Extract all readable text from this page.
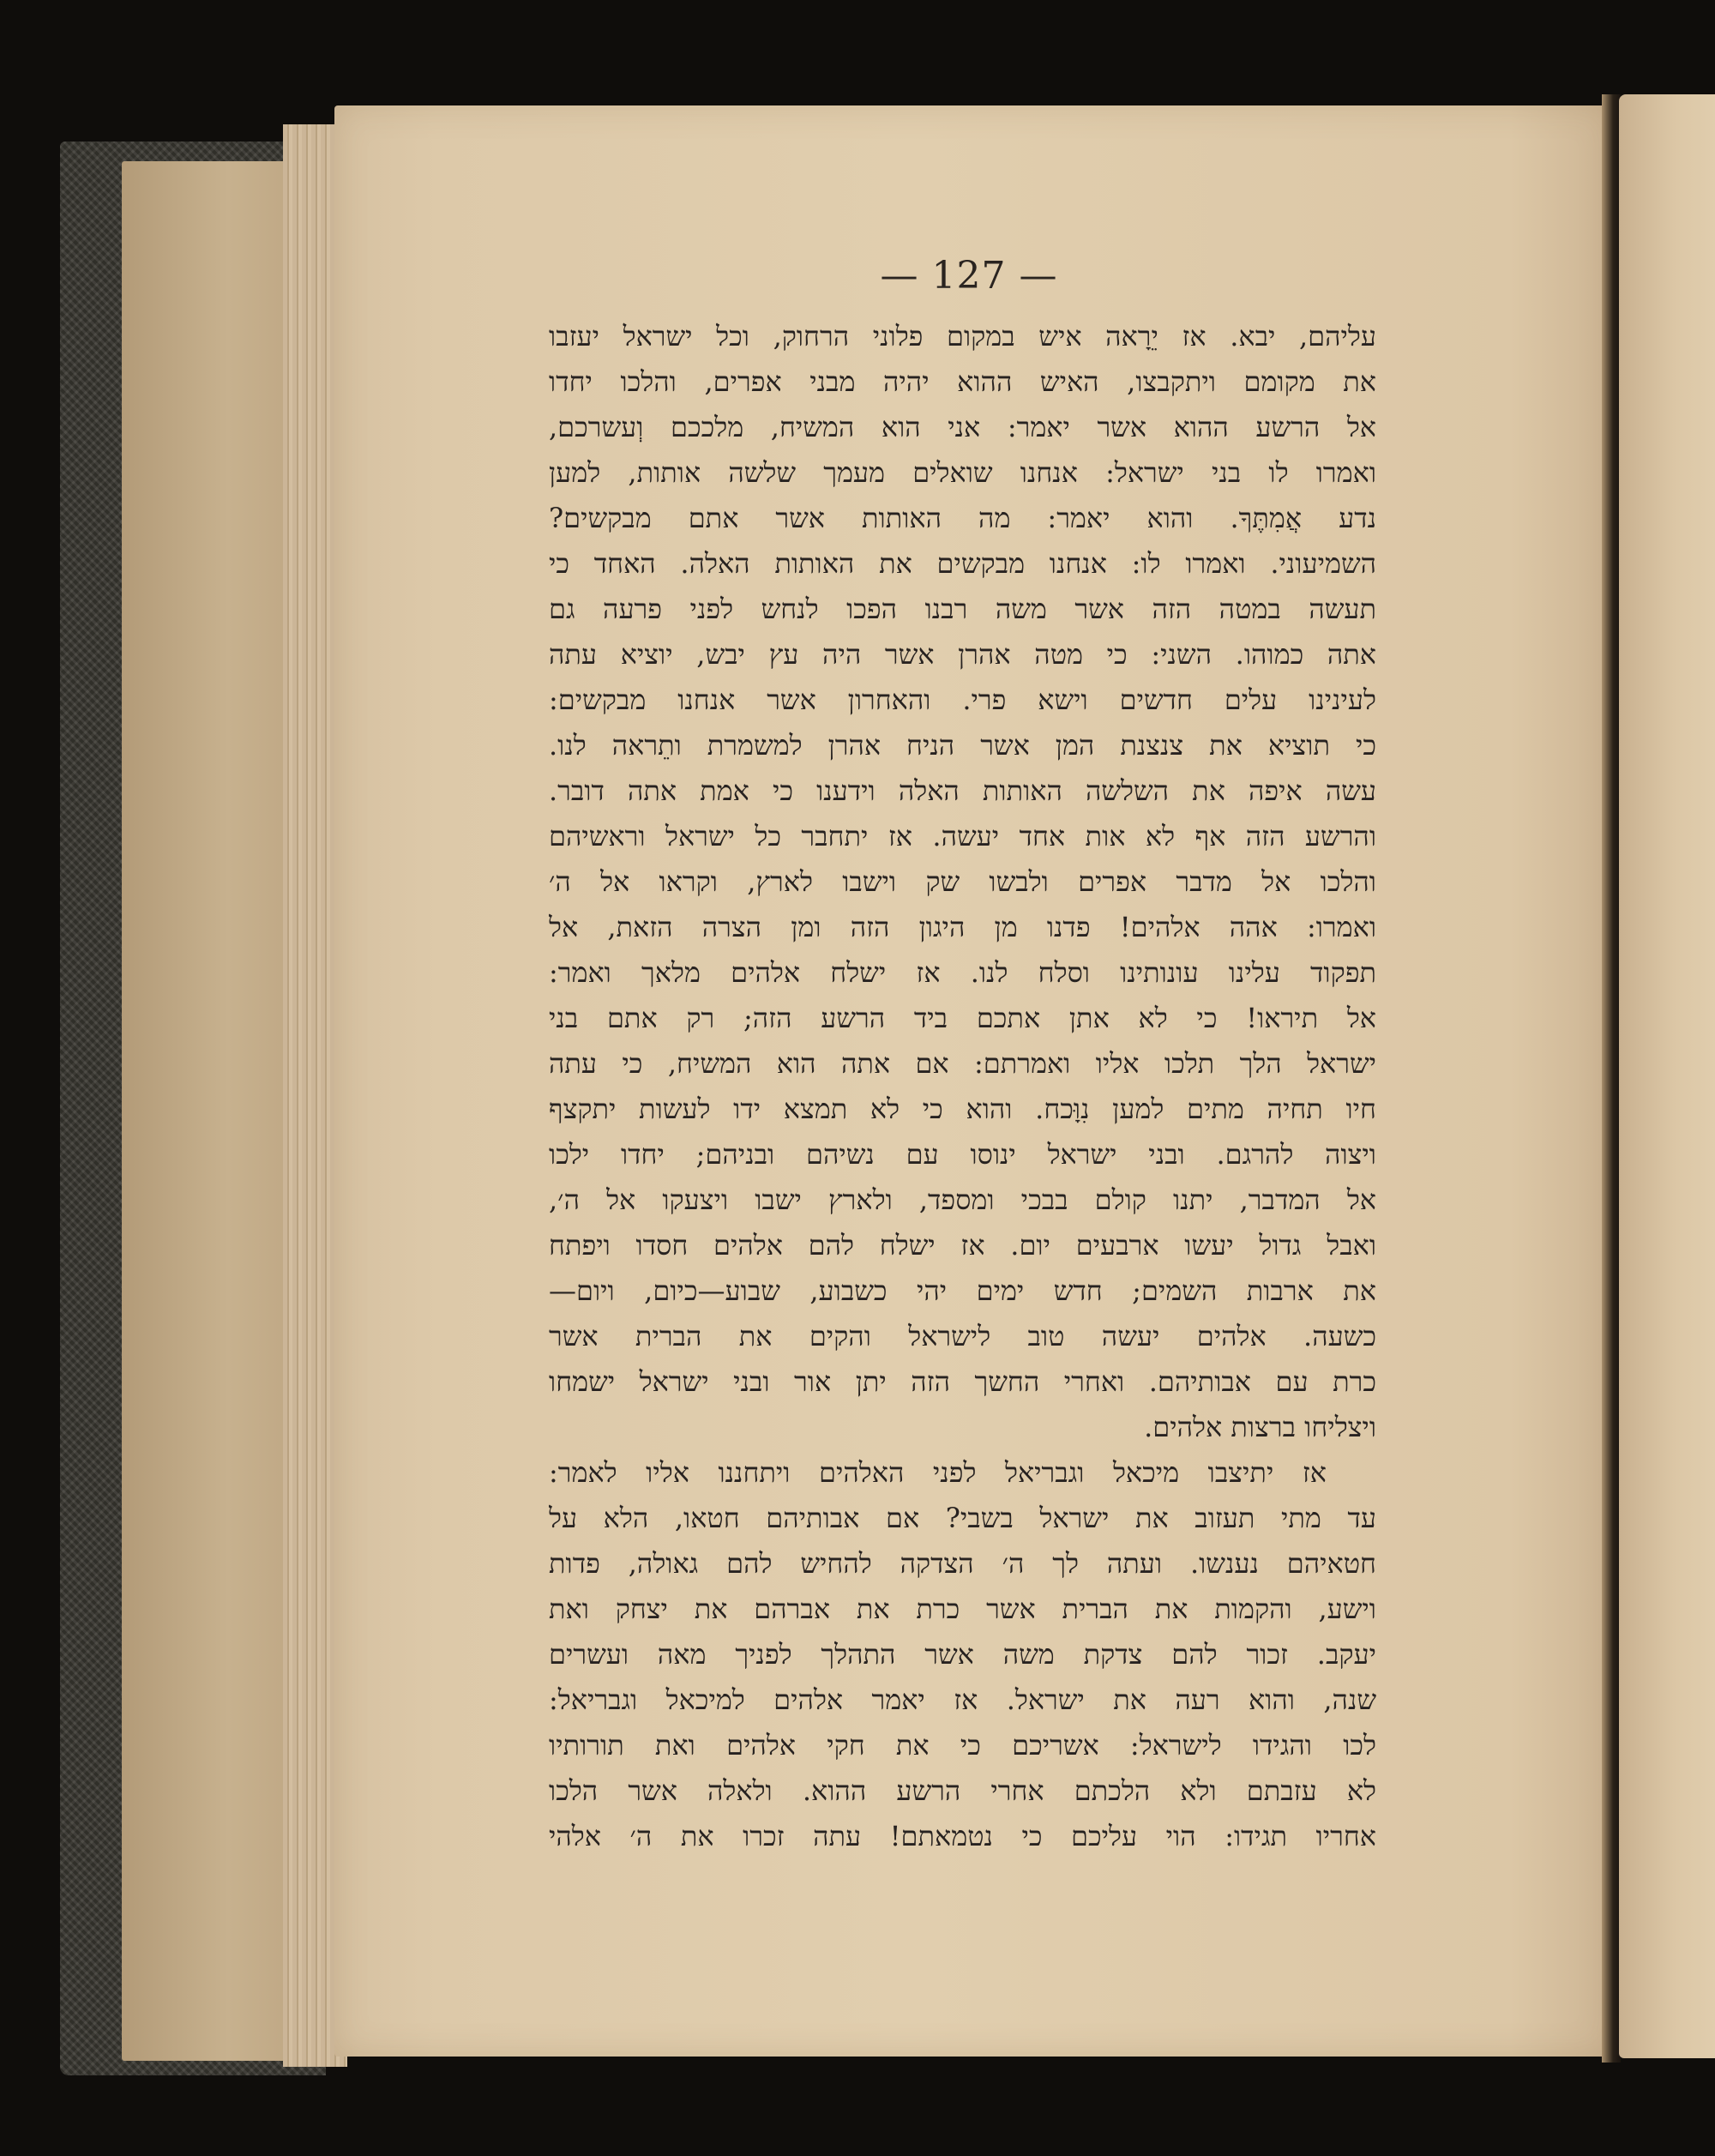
— 127 —
עליהם, יבא. אז יֵרָאה איש במקום פלוני הרחוק, וכל ישראל יעזבו
את מקומם ויתקבצו, האיש ההוא יהיה מבני אפרים, והלכו יחדו
אל הרשע ההוא אשר יאמר: אני הוא המשיח, מלככם וְעשרכם,
ואמרו לו בני ישראל: אנחנו שואלים מעמך שלשה אותות, למען
נדע אֲמִתֶּךָ. והוא יאמר: מה האותות אשר אתם מבקשים?
השמיעוני. ואמרו לו: אנחנו מבקשים את האותות האלה. האחד כי
תעשה במטה הזה אשר משה רבנו הפכו לנחש לפני פרעה גם
אתה כמוהו. השני: כי מטה אהרן אשר היה עץ יבש, יוציא עתה
לעינינו עלים חדשים וישא פרי. והאחרון אשר אנחנו מבקשים:
כי תוציא את צנצנת המן אשר הניח אהרן למשמרת ותֵראה לנו.
עשה איפה את השלשה האותות האלה וידענו כי אמת אתה דובר.
והרשע הזה אף לא אות אחד יעשה. אז יתחבר כל ישראל וראשיהם
והלכו אל מדבר אפרים ולבשו שק וישבו לארץ, וקראו אל ה׳
ואמרו: אהה אלהים! פדנו מן היגון הזה ומן הצרה הזאת, אל
תפקוד עלינו עונותינו וסלח לנו. אז ישלח אלהים מלאך ואמר:
אל תיראו! כי לא אתן אתכם ביד הרשע הזה; רק אתם בני
ישראל הלך תלכו אליו ואמרתם: אם אתה הוא המשיח, כי עתה
חיו תחיה מתים למען נִוָּכח. והוא כי לא תמצא ידו לעשות יתקצף
ויצוה להרגם. ובני ישראל ינוסו עם נשיהם ובניהם; יחדו ילכו
אל המדבר, יתנו קולם בבכי ומספד, ולארץ ישבו ויצעקו אל ה׳,
ואבל גדול יעשו ארבעים יום. אז ישלח להם אלהים חסדו ויפתח
את ארבות השמים; חדש ימים יהי כשבוע, שבוע—כיום, ויום—
כשעה. אלהים יעשה טוב לישראל והקים את הברית אשר
כרת עם אבותיהם. ואחרי החשך הזה יתן אור ובני ישראל ישמחו
ויצליחו ברצות אלהים.
אז יתיצבו מיכאל וגבריאל לפני האלהים ויתחננו אליו לאמר:
עד מתי תעזוב את ישראל בשבי? אם אבותיהם חטאו, הלא על
חטאיהם נענשו. ועתה לך ה׳ הצדקה להחיש להם גאולה, פדות
וישע, והקמות את הברית אשר כרת את אברהם את יצחק ואת
יעקב. זכור להם צדקת משה אשר התהלך לפניך מאה ועשרים
שנה, והוא רעה את ישראל. אז יאמר אלהים למיכאל וגבריאל:
לכו והגידו לישראל: אשריכם כי את חקי אלהים ואת תורותיו
לא עזבתם ולא הלכתם אחרי הרשע ההוא. ולאלה אשר הלכו
אחריו תגידו: הוי עליכם כי נטמאתם! עתה זכרו את ה׳ אלהי
